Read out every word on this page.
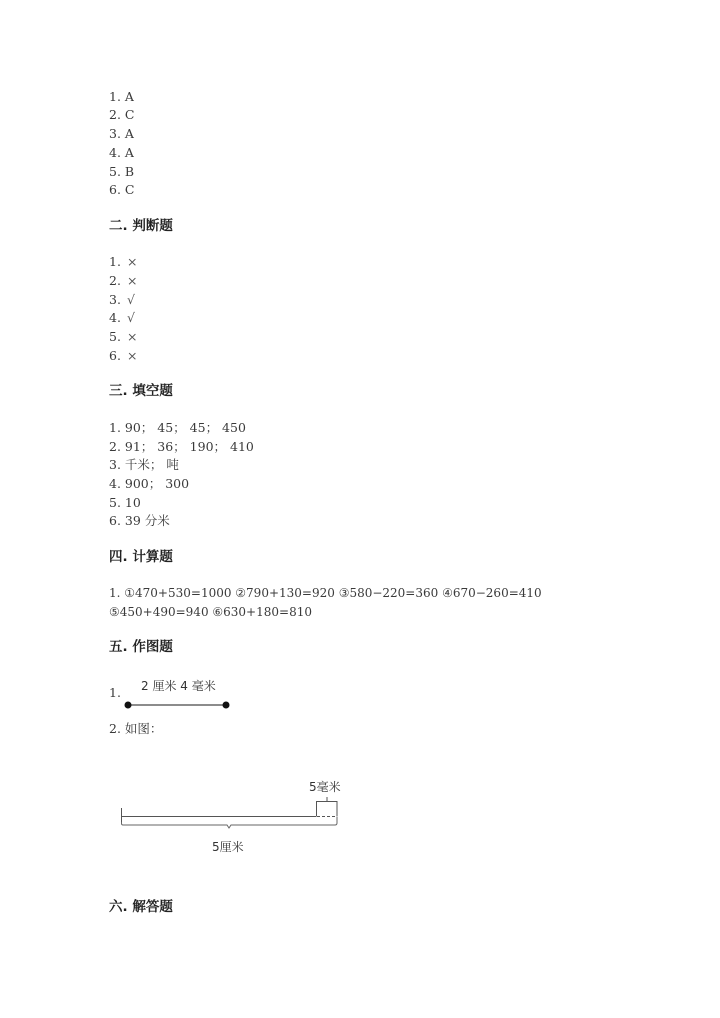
1. A
2. C
3. A
4. A
5. B
6. C
二. 判断题
1. ×
2. ×
3. √
4. √
5. ×
6. ×
三. 填空题
1. 90； 45； 45； 450
2. 91； 36； 190； 410
3. 千米； 吨
4. 900； 300
5. 10
6. 39 分米
四. 计算题
1. ①470+530=1000 ②790+130=920 ③580−220=360 ④670−260=410
⑤450+490=940 ⑥630+180=810
五. 作图题
1. 2 厘米 4 毫米
2. 如图：
5毫米
5厘米
六. 解答题
